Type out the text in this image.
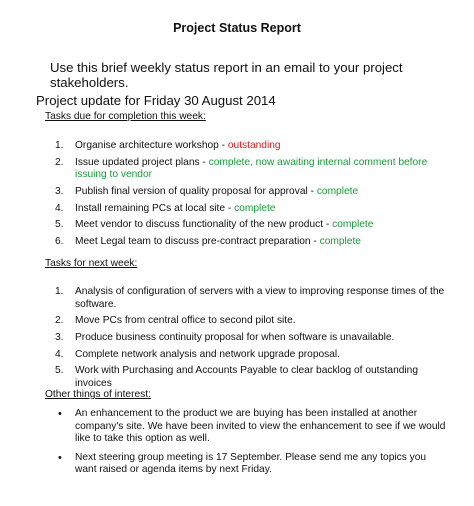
Project Status Report
Use this brief weekly status report in an email to your project stakeholders.
Project update for Friday 30 August 2014
Tasks due for completion this week:
1. Organise architecture workshop - outstanding
2. Issue updated project plans - complete, now awaiting internal comment before issuing to vendor
3. Publish final version of quality proposal for approval - complete
4. Install remaining PCs at local site - complete
5. Meet vendor to discuss functionality of the new product - complete
6. Meet Legal team to discuss pre-contract preparation - complete
Tasks for next week:
1. Analysis of configuration of servers with a view to improving response times of the software.
2. Move PCs from central office to second pilot site.
3. Produce business continuity proposal for when software is unavailable.
4. Complete network analysis and network upgrade proposal.
5. Work with Purchasing and Accounts Payable to clear backlog of outstanding invoices
Other things of interest:
• An enhancement to the product we are buying has been installed at another company's site. We have been invited to view the enhancement to see if we would like to take this option as well.
• Next steering group meeting is 17 September. Please send me any topics you want raised or agenda items by next Friday.
